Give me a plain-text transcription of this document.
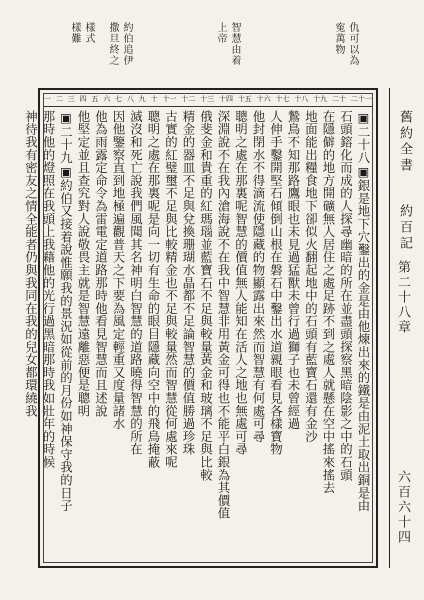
仇可以為
寃萬物
智慧由着
上帝
約伯追伊
撒旦終之
樣式
樣難
二十一
二十
十九
十八
十七
十六
十五
十四
十三
十二
十一
十
九
八
七
六
五
四
三
二
一
舊約全書約百記
第二十八章
六百六十四
▣二十八▣銀是地下穴鑿出的金是由他煉出來的鐵是由泥土取出銅是由
石頭鎔化而成的人探尋幽暗的所在並盡頭探察黑暗陰影之中的石頭
在隱僻的地方開礦無人居住之處足跡不到之處人就懸在空中搖來搖去
地面能出糧食地下卻似火翻起地中的石頭有藍寶石還有金沙
鷙鳥不知那路鷹眼也未見過猛獸未曾行過獅子也未曾經過
人伸手鑿開堅石傾倒山根在磐石中鑿出水道親眼看見各樣寶物
他封閉水不得滴流使隱藏的物顯露出來然而智慧有何處可尋
聰明之處在那裏呢智慧的價值無人能知在活人之地也無處可尋
深淵說不在我內滄海說不在我中智慧非用黃金可得也不能平白銀為其價值
俄斐金和貴重的紅瑪瑙並藍寶石不足與較量黃金和玻璃不足與比較
精金的器皿不足與兌換珊瑚水晶都不足論智慧的價值勝過珍珠
古實的紅璧璽不足與比較精金也不足與較量然而智慧從何處來呢
聰明之處在那裏呢是向一切有生命的眼目隱藏向空中的飛鳥掩蔽
滅沒和死亡說我們風聞其名神明白智慧的道路曉得智慧的所在
因他鑒察直到地極遍觀普天之下要為風定輕重又度量諸水
他為雨露定命令為雷電定道路那時他看見智慧而且述說
他堅定並且查究對人說敬畏主就是智慧遠離惡便是聰明
▣二十九▣約伯又接着說惟願我的景況如從前的月份如神保守我的日子
那時他的燈照在我頭上我藉他的光行過黑暗那時我如壯年的時候
神待我有密友之情全能者仍與我同在我的兒女都環繞我
